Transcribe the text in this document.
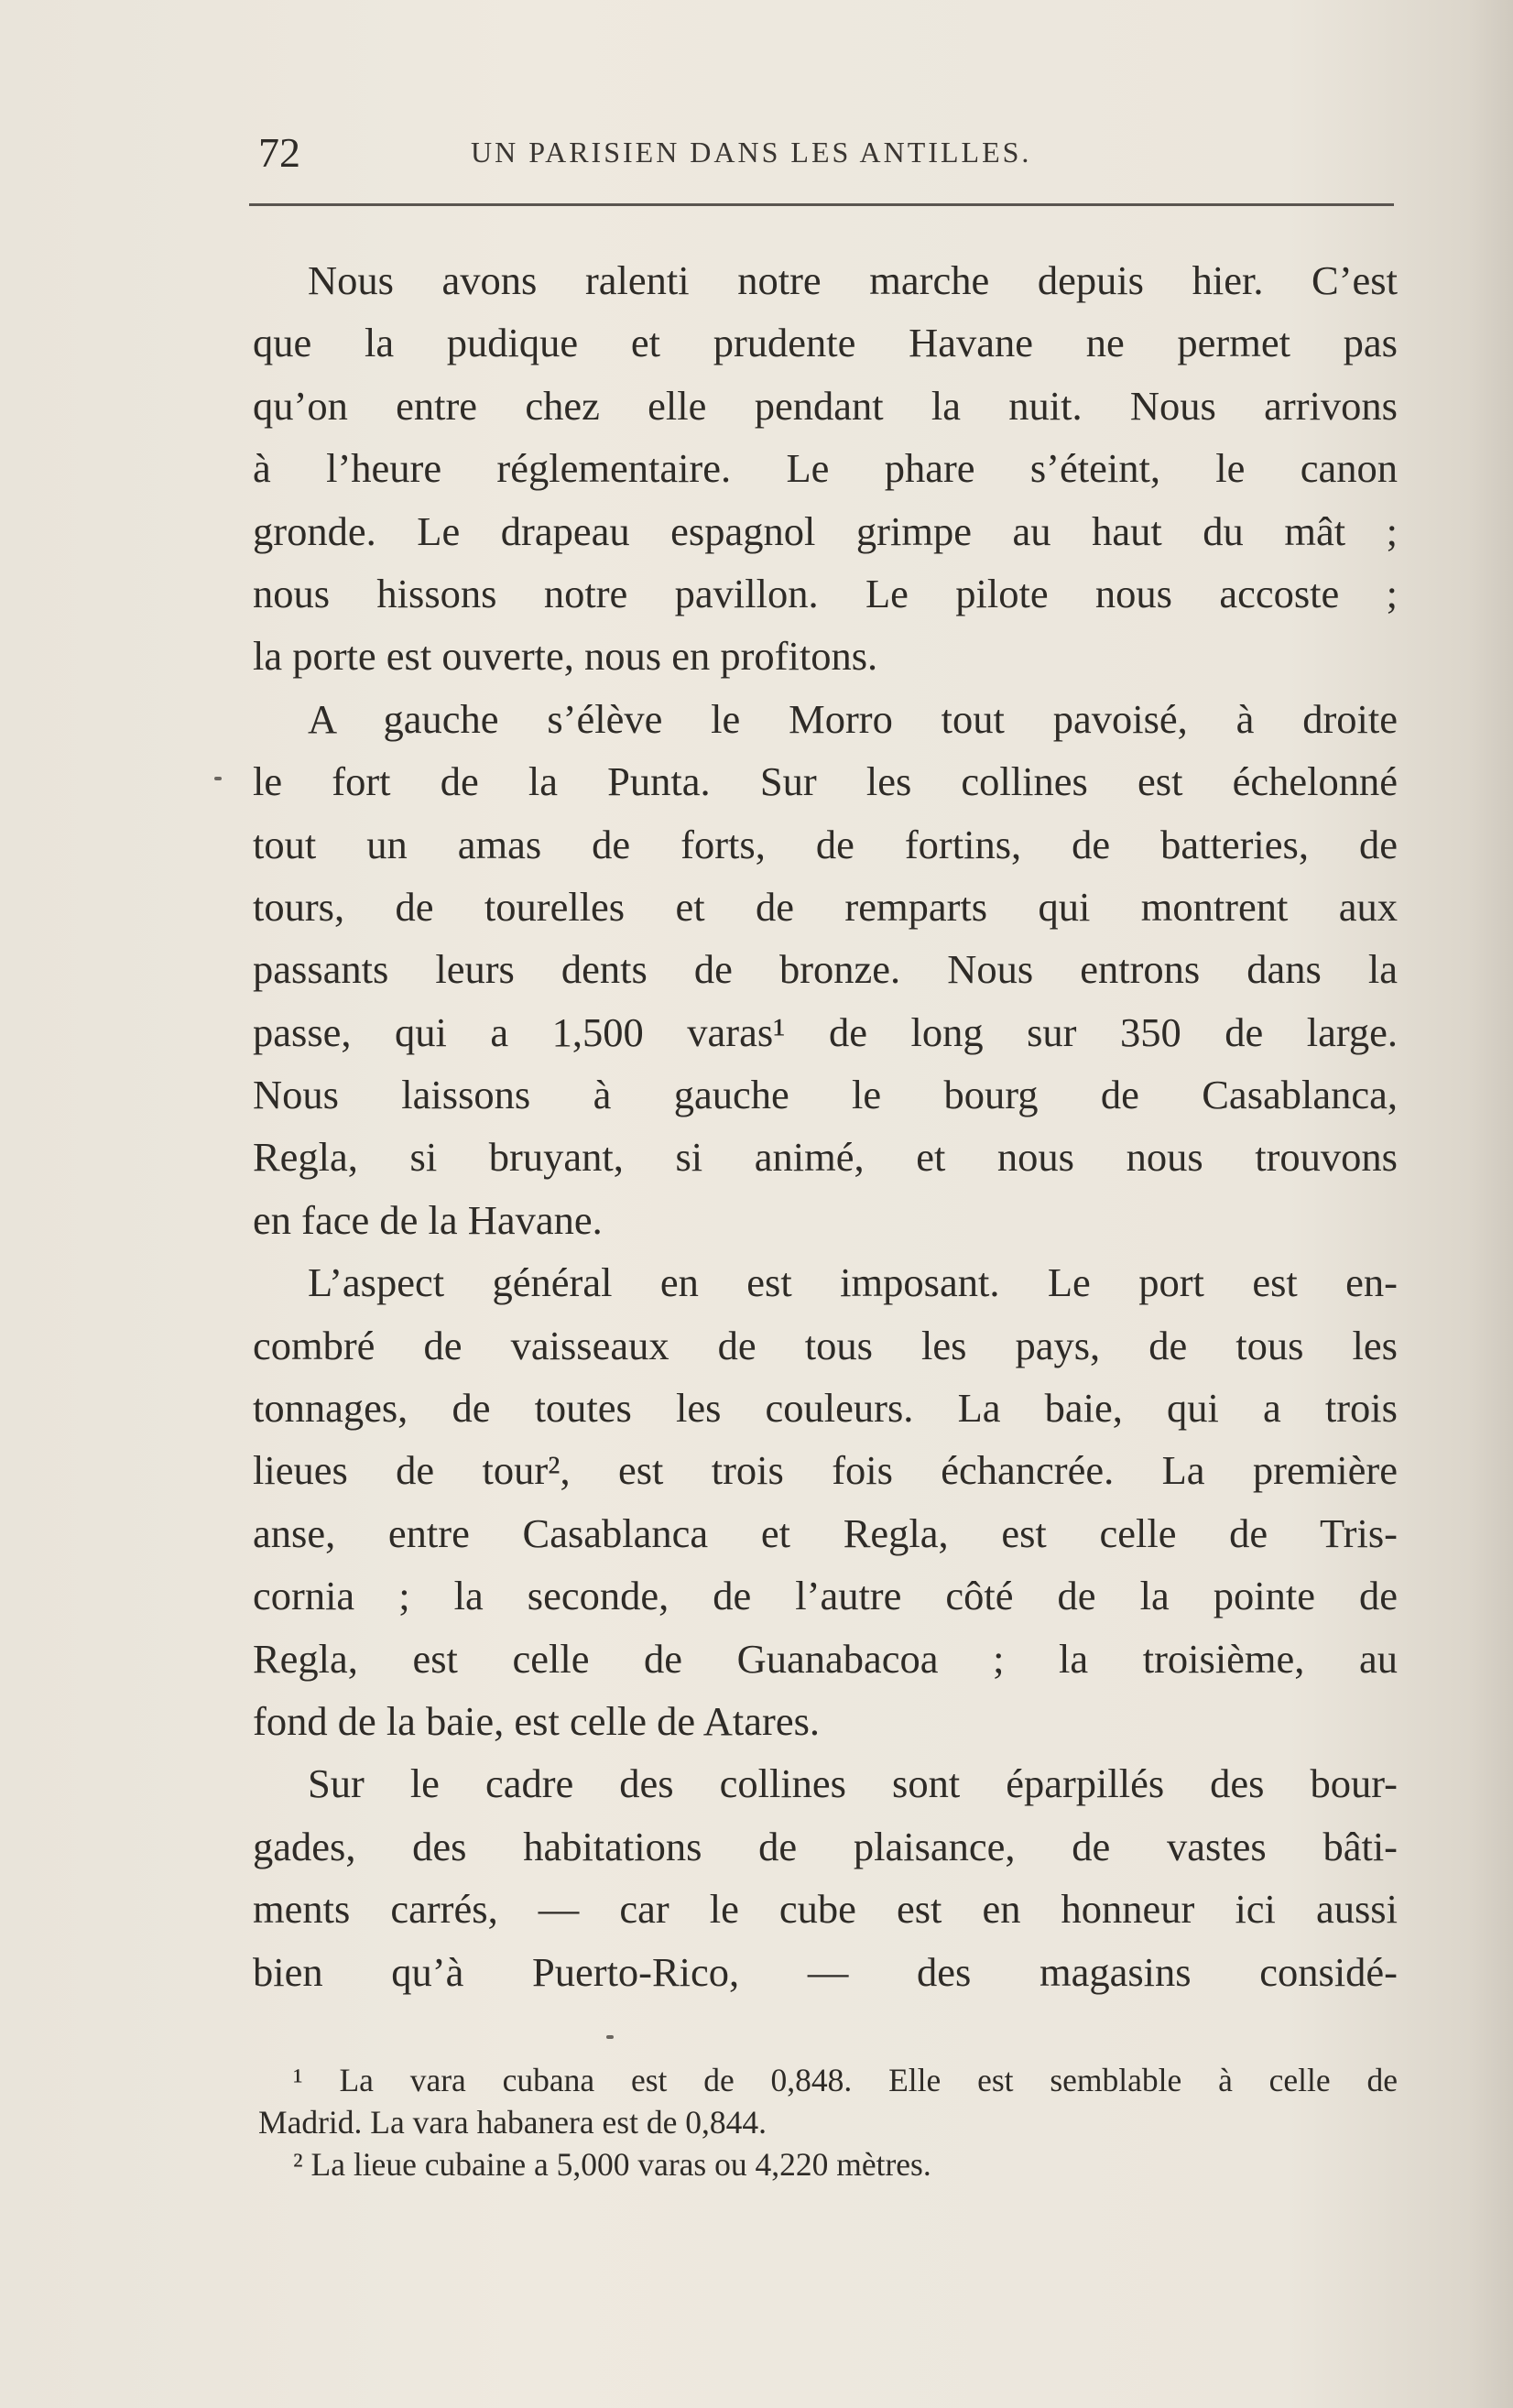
72	UN PARISIEN DANS LES ANTILLES.
Nous avons ralenti notre marche depuis hier. C’est
que la pudique et prudente Havane ne permet pas
qu’on entre chez elle pendant la nuit. Nous arrivons
à l’heure réglementaire. Le phare s’éteint, le canon
gronde. Le drapeau espagnol grimpe au haut du mât ;
nous hissons notre pavillon. Le pilote nous accoste ;
la porte est ouverte, nous en profitons.
A gauche s’élève le Morro tout pavoisé, à droite
le fort de la Punta. Sur les collines est échelonné
tout un amas de forts, de fortins, de batteries, de
tours, de tourelles et de remparts qui montrent aux
passants leurs dents de bronze. Nous entrons dans la
passe, qui a 1,500 varas¹ de long sur 350 de large.
Nous laissons à gauche le bourg de Casablanca,
Regla, si bruyant, si animé, et nous nous trouvons
en face de la Havane.
L’aspect général en est imposant. Le port est en-
combré de vaisseaux de tous les pays, de tous les
tonnages, de toutes les couleurs. La baie, qui a trois
lieues de tour², est trois fois échancrée. La première
anse, entre Casablanca et Regla, est celle de Tris-
cornia ; la seconde, de l’autre côté de la pointe de
Regla, est celle de Guanabacoa ; la troisième, au
fond de la baie, est celle de Atares.
Sur le cadre des collines sont éparpillés des bour-
gades, des habitations de plaisance, de vastes bâti-
ments carrés, — car le cube est en honneur ici aussi
bien qu’à Puerto-Rico, — des magasins considé-
¹ La vara cubana est de 0,848. Elle est semblable à celle de
Madrid. La vara habanera est de 0,844.
² La lieue cubaine a 5,000 varas ou 4,220 mètres.
